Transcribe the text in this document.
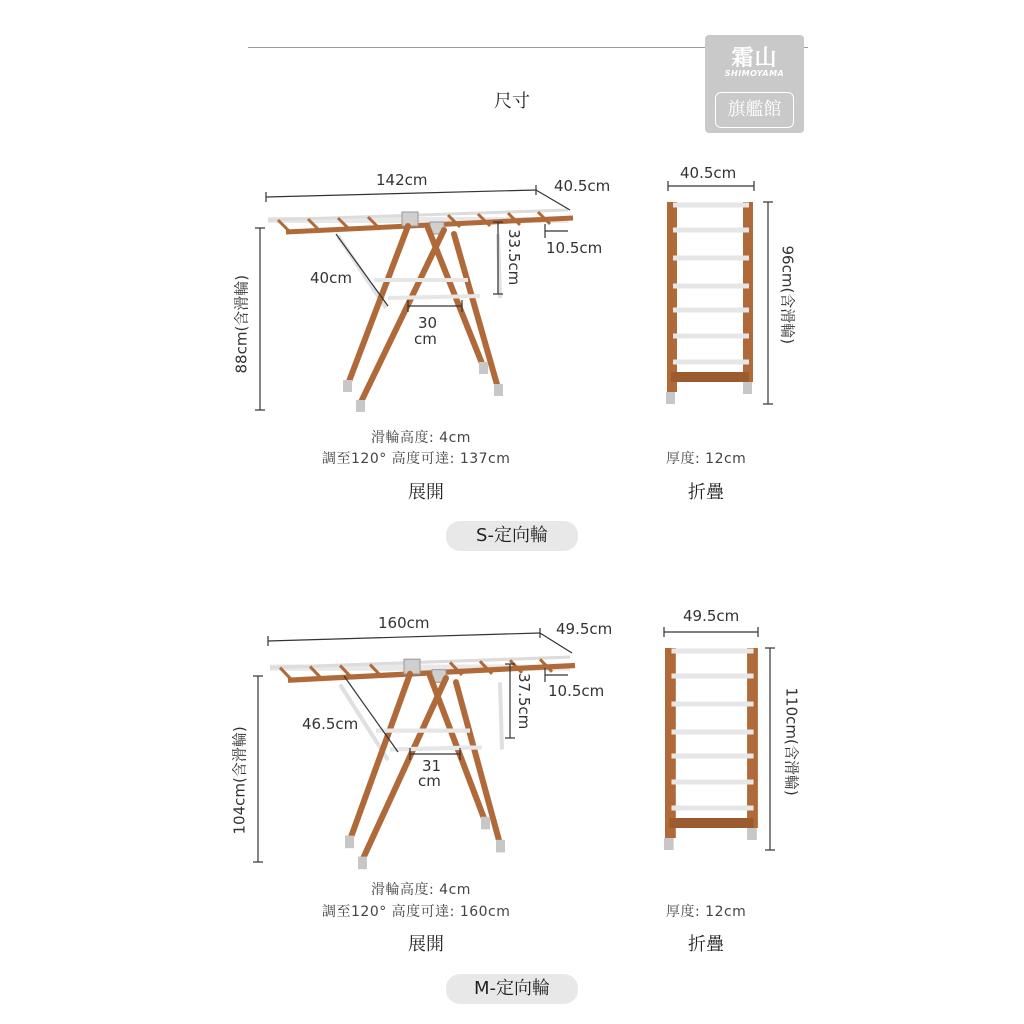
霜山
SHIMOYAMA
旗艦館
尺寸
142cm	40.5cm
10.5cm
33.5cm
40cm
30
cm
88cm(含滑輪)
滑輪高度: 4cm
調至120° 高度可達: 137cm
展開
40.5cm
96cm(含滑輪)
厚度: 12cm
折疊
S-定向輪
160cm	49.5cm
10.5cm
37.5cm
46.5cm
31
cm
104cm(含滑輪)
滑輪高度: 4cm
調至120° 高度可達: 160cm
展開
49.5cm
110cm(含滑輪)
厚度: 12cm
折疊
M-定向輪
